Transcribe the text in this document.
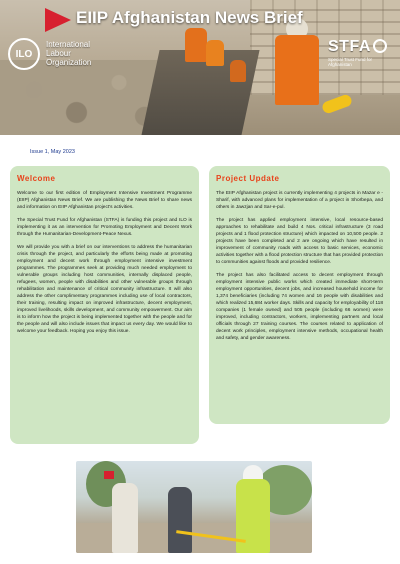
EIIP Afghanistan News Brief
ILO
International
Labour
Organization
STFA
Special Trust Fund for Afghanistan
Issue 1, May 2023
Welcome

Welcome to our first edition of Employment Intensive Investment Programme (EIIP) Afghanistan News Brief. We are publishing the News Brief to share news and information on EIIP Afghanistan project's activities.

The Special Trust Fund for Afghanistan (STFA) is funding this project and ILO is implementing it as an intervention for Promoting Employment and Decent Work through the Humanitarian-Development-Peace Nexus.

We will provide you with a brief on our interventions to address the humanitarian crisis through the project, and particularly the efforts being made at promoting employment and decent work through employment intensive investment programmes. The programmes seek at providing much needed employment to vulnerable groups including host communities, internally displaced people, refugees, women, people with disabilities and other vulnerable groups through rehabilitation and maintenance of critical community infrastructure. It will also address the other complimentary programmes including use of local contractors, their training, resulting impact on improved infrastructure, decent employment, improved livelihoods, skills development, and community empowerment. Our aim is to inform how the project is being implemented together with the people and for the people and will also include issues that impact us every day. We would like to welcome your feedback. Hoping you enjoy this issue.

Project Update

The EIIP Afghanistan project is currently implementing 4 projects in Mazar e - Sharif, with advanced plans for implementation of a project in Shorbepa, and others in Jawzjan and Sar-e-pul.

The project has applied employment intensive, local resource-based approaches to rehabilitate and build 4 Nos. critical infrastructure (3 road projects and 1 flood protection structure) which impacted on 10,500 people. 2 projects have been completed and 2 are ongoing which have resulted in improvement of community roads with access to basic services, economic activities together with a flood protection structure that has provided protection to communities against floods and provided resilience.

The project has also facilitated access to decent employment through employment intensive public works which created immediate short-term employment opportunities, decent jobs, and increased household income for 1,374 beneficiaries (including 74 women and 16 people with disabilities and which realized 15,684 worker days. Skills and capacity for employability of 118 companies (1 female owned) and 505 people (including 66 women) were improved, including contractors, workers, implementing partners and local officials through 27 training courses. The courses related to application of decent work principles, employment intensive methods, occupational health and safety, and gender awareness.
